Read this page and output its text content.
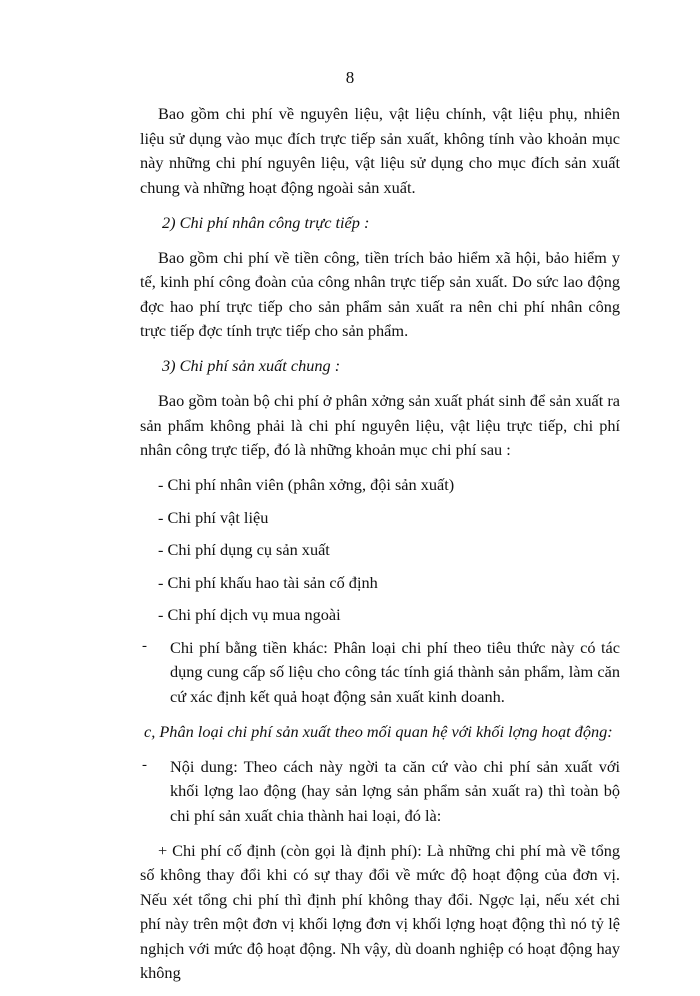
8

Bao gồm chi phí về nguyên liệu, vật liệu chính, vật liệu phụ, nhiên liệu sử dụng vào mục đích trực tiếp sản xuất, không tính vào khoản mục này những chi phí nguyên liệu, vật liệu sử dụng cho mục đích sản xuất chung và những hoạt động ngoài sản xuất.

2) Chi phí nhân công trực tiếp :

Bao gồm chi phí về tiền công, tiền trích bảo hiểm xã hội, bảo hiểm y tế, kinh phí công đoàn của công nhân trực tiếp sản xuất. Do sức lao động đợc hao phí trực tiếp cho sản phẩm sản xuất ra nên chi phí nhân công trực tiếp đợc tính trực tiếp cho sản phẩm.

3) Chi phí sản xuất chung :

Bao gồm toàn bộ chi phí ở phân xởng sản xuất phát sinh để sản xuất ra sản phẩm không phải là chi phí nguyên liệu, vật liệu trực tiếp, chi phí nhân công trực tiếp, đó là những khoản mục chi phí sau :

- Chi phí nhân viên (phân xởng, đội sản xuất)

- Chi phí vật liệu

- Chi phí dụng cụ sản xuất

- Chi phí khấu hao tài sản cố định

- Chi phí dịch vụ mua ngoài

-	Chi phí bằng tiền khác: Phân loại chi phí theo tiêu thức này có tác dụng cung cấp số liệu cho công tác tính giá thành sản phẩm, làm căn cứ xác định kết quả hoạt động sản xuất kinh doanh.

c, Phân loại chi phí sản xuất theo mối quan hệ với khối lợng hoạt động:

-	Nội dung: Theo cách này ngời ta căn cứ vào chi phí sản xuất với khối lợng lao động (hay sản lợng sản phẩm sản xuất ra) thì toàn bộ chi phí sản xuất chia thành hai loại, đó là:

+ Chi phí cố định (còn gọi là định phí): Là những chi phí mà về tổng số không thay đổi khi có sự thay đổi về mức độ hoạt động của đơn vị. Nếu xét tổng chi phí thì định phí không thay đổi. Ngợc lại, nếu xét chi phí này trên một đơn vị khối lợng đơn vị khối lợng hoạt động thì nó tỷ lệ nghịch với mức độ hoạt động. Nh vậy, dù doanh nghiệp có hoạt động hay không
